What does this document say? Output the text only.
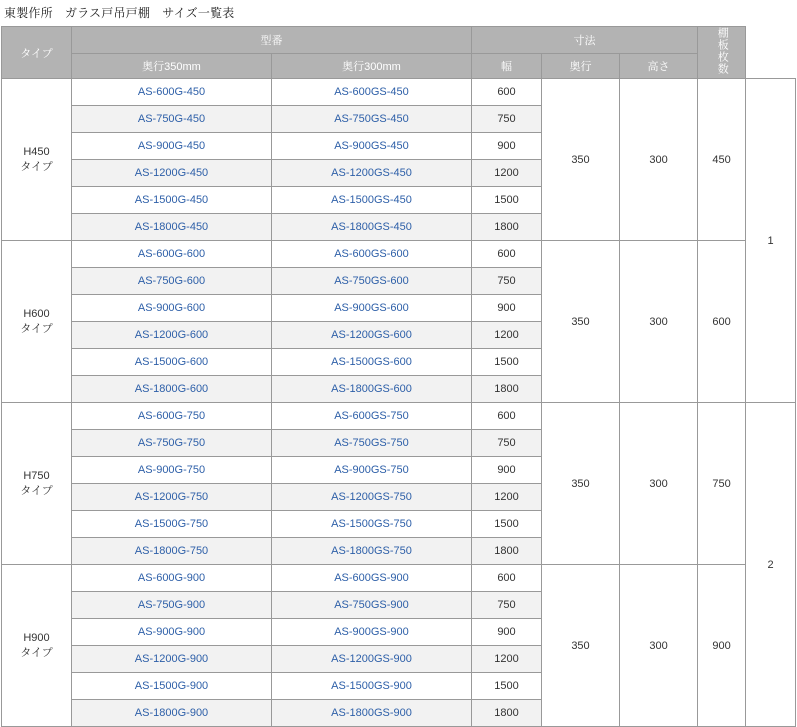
東製作所　ガラス戸吊戸棚　サイズ一覧表
タイプ	型番		寸法			棚板枚数	
	奥行350mm	奥行300mm	幅	奥行	高さ		

H450
タイプ	AS-600G-450	AS-600GS-450	600	350	300	450	1
	AS-750G-450	AS-750GS-450	750				
	AS-900G-450	AS-900GS-450	900				
	AS-1200G-450	AS-1200GS-450	1200				
	AS-1500G-450	AS-1500GS-450	1500				
	AS-1800G-450	AS-1800GS-450	1800				

H600
タイプ	AS-600G-600	AS-600GS-600	600	350	300	600	
	AS-750G-600	AS-750GS-600	750				
	AS-900G-600	AS-900GS-600	900				
	AS-1200G-600	AS-1200GS-600	1200				
	AS-1500G-600	AS-1500GS-600	1500				
	AS-1800G-600	AS-1800GS-600	1800				

H750
タイプ	AS-600G-750	AS-600GS-750	600	350	300	750	2
	AS-750G-750	AS-750GS-750	750				
	AS-900G-750	AS-900GS-750	900				
	AS-1200G-750	AS-1200GS-750	1200				
	AS-1500G-750	AS-1500GS-750	1500				
	AS-1800G-750	AS-1800GS-750	1800				

H900
タイプ	AS-600G-900	AS-600GS-900	600	350	300	900	
	AS-750G-900	AS-750GS-900	750				
	AS-900G-900	AS-900GS-900	900				
	AS-1200G-900	AS-1200GS-900	1200				
	AS-1500G-900	AS-1500GS-900	1500				
	AS-1800G-900	AS-1800GS-900	1800				
